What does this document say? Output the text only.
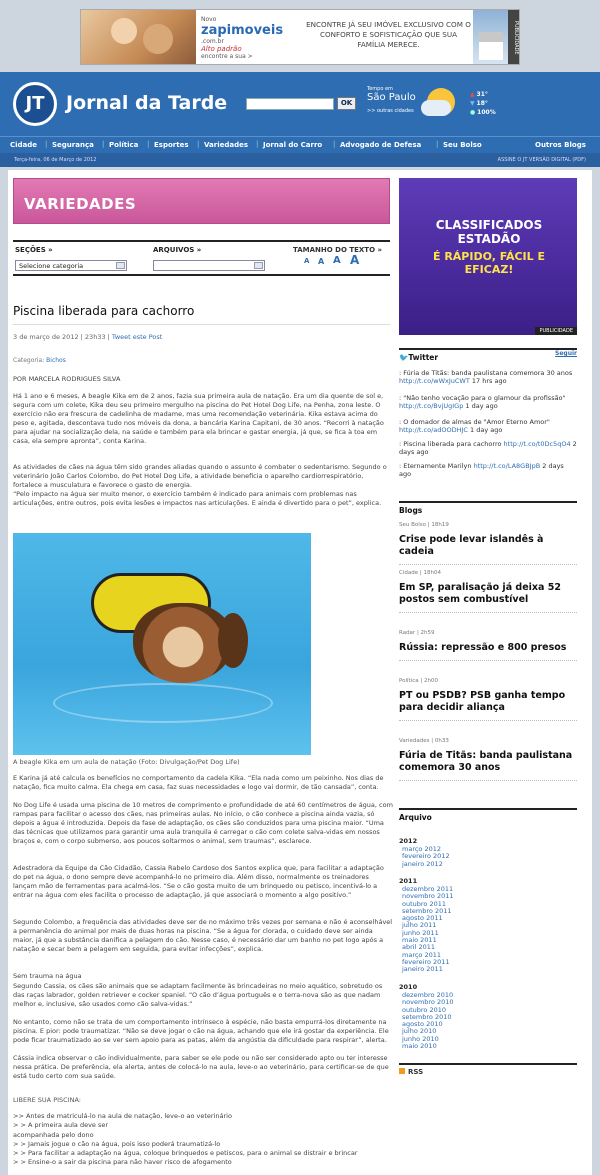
Novo
zapimoveis
.com.br
Alto padrão
encontre a sua >
ENCONTRE JÁ SEU IMÓVEL EXCLUSIVO COM O CONFORTO E SOFISTICAÇÃO QUE SUA FAMÍLIA MERECE.	PUBLICIDADE
JT	Jornal da Tarde	OK
Tempo em
São Paulo
>> outras cidades
▲ 31°
▼ 18°
● 100%
Cidade | Segurança | Política | Esportes | Variedades | Jornal do Carro | Advogado de Defesa | Seu Bolso	Outros Blogs
Terça-feira, 06 de Março de 2012	ASSINE O JT VERSÃO DIGITAL (PDF)
VARIEDADES
SEÇÕES »
Selecione categoria
ARQUIVOS »	TAMANHO DO TEXTO »
A A A A
Piscina liberada para cachorro
3 de março de 2012 | 23h33 | Tweet este Post
Categoria: Bichos
POR MARCELA RODRIGUES SILVA
Há 1 ano e 6 meses, A beagle Kika em de 2 anos, fazia sua primeira aula de natação. Era um dia quente de sol e, segura com um colete, Kika deu seu primeiro mergulho na piscina do Pet Hotel Dog Life, na Penha, zona leste. O exercício não era frescura de cadelinha de madame, mas uma recomendação veterinária. Kika estava acima do peso e, agitada, descontava tudo nos móveis da dona, a bancária Karina Capitani, de 30 anos. “Recorri à natação para ajudar na socialização dela, na saúde e também para ela brincar e gastar energia, já que, se fica à toa em casa, ela sempre apronta”, conta Karina.
As atividades de cães na água têm sido grandes aliadas quando o assunto é combater o sedentarismo. Segundo o veterinário João Carlos Colombo, do Pet Hotel Dog Life, a atividade beneficia o aparelho cardiorrespiratório, fortalece a musculatura e favorece o gasto de energia.
“Pelo impacto na água ser muito menor, o exercício também é indicado para animais com problemas nas articulações, entre outros, pois evita lesões e impactos nas articulações. E ainda é divertido para o pet”, explica.
A beagle Kika em um aula de natação (Foto: Divulgação/Pet Dog Life)
E Karina já até calcula os benefícios no comportamento da cadela Kika. “Ela nada como um peixinho. Nos dias de natação, fica muito calma. Ela chega em casa, faz suas necessidades e logo vai dormir, de tão cansada”, conta.
No Dog Life é usada uma piscina de 10 metros de comprimento e profundidade de até 60 centímetros de água, com rampas para facilitar o acesso dos cães, nas primeiras aulas. No início, o cão conhece a piscina ainda vazia, só depois a água é introduzida. Depois da fase de adaptação, os cães são conduzidos para uma piscina maior. “Uma das técnicas que utilizamos para garantir uma aula tranquila é carregar o cão com colete salva-vidas em nossos braços e, com o corpo submerso, aos poucos soltarmos o animal, sem traumas”, esclarece.
Adestradora da Equipe da Cão Cidadão, Cassia Rabelo Cardoso dos Santos explica que, para facilitar a adaptação do pet na água, o dono sempre deve acompanhá-lo no primeiro dia. Além disso, normalmente os treinadores lançam mão de ferramentas para acalmá-los. “Se o cão gosta muito de um brinquedo ou petisco, incentivá-lo a entrar na água com eles facilita o processo de adaptação, já que associará o momento a algo positivo.”
Segundo Colombo, a frequência das atividades deve ser de no máximo três vezes por semana e não é aconselhável a permanência do animal por mais de duas horas na piscina. “Se a água for clorada, o cuidado deve ser ainda maior, já que a substância danifica a pelagem do cão. Nesse caso, é necessário dar um banho no pet logo após a natação e secar bem a pelagem em seguida, para evitar infecções”, explica.
Sem trauma na água
Segundo Cassia, os cães são animais que se adaptam facilmente às brincadeiras no meio aquático, sobretudo os das raças labrador, golden retriever e cocker spaniel. “O cão d’água português e o terra-nova são as que nadam melhor e, inclusive, são usados como cão salva-vidas.”
No entanto, como não se trata de um comportamento intrínseco à espécie, não basta empurrá-los diretamente na piscina. E pior: pode traumatizar. “Não se deve jogar o cão na água, achando que ele irá gostar da experiência. Ele pode ficar traumatizado ao se ver sem apoio para as patas, além da angústia da dificuldade para respirar”, alerta.
Cássia indica observar o cão individualmente, para saber se ele pode ou não ser considerado apto ou ter interesse nessa prática. De preferência, ela alerta, antes de colocá-lo na aula, leve-o ao veterinário, para certificar-se de que está tudo certo com sua saúde.
LIBERE SUA PISCINA:
>> Antes de matriculá-lo na aula de natação, leve-o ao veterinário
> > A primeira aula deve ser
acompanhada pelo dono
> > Jamais jogue o cão na água, pois isso poderá traumatizá-lo
> > Para facilitar a adaptação na água, coloque brinquedos e petiscos, para o animal se distrair e brincar
> > Ensine-o a sair da piscina para não haver risco de afogamento
CLASSIFICADOS ESTADÃO
É RÁPIDO, FÁCIL E EFICAZ!
PUBLICIDADE
🐦Twitter	Seguir
: Fúria de Titãs: banda paulistana comemora 30 anos http://t.co/wWxJuCWT 17 hrs ago
: "Não tenho vocação para o glamour da profissão" http://t.co/BvjUgIGp 1 day ago
: O domador de almas de "Amor Eterno Amor" http://t.co/adOODHJC 1 day ago
: Piscina liberada para cachorro http://t.co/t0Dc5qO4 2 days ago
: Eternamente Marilyn http://t.co/LA8GBJpB 2 days ago
Blogs
Seu Bolso | 18h19
Crise pode levar islandês à cadeia
Cidade | 18h04
Em SP, paralisação já deixa 52 postos sem combustível
Radar | 2h59
Rússia: repressão e 800 presos
Política | 2h00
PT ou PSDB? PSB ganha tempo para decidir aliança
Variedades | 0h33
Fúria de Titãs: banda paulistana comemora 30 anos
Arquivo
2012
março 2012
fevereiro 2012
janeiro 2012
2011
dezembro 2011
novembro 2011
outubro 2011
setembro 2011
agosto 2011
julho 2011
junho 2011
maio 2011
abril 2011
março 2011
fevereiro 2011
janeiro 2011
2010
dezembro 2010
novembro 2010
outubro 2010
setembro 2010
agosto 2010
julho 2010
junho 2010
maio 2010
RSS
